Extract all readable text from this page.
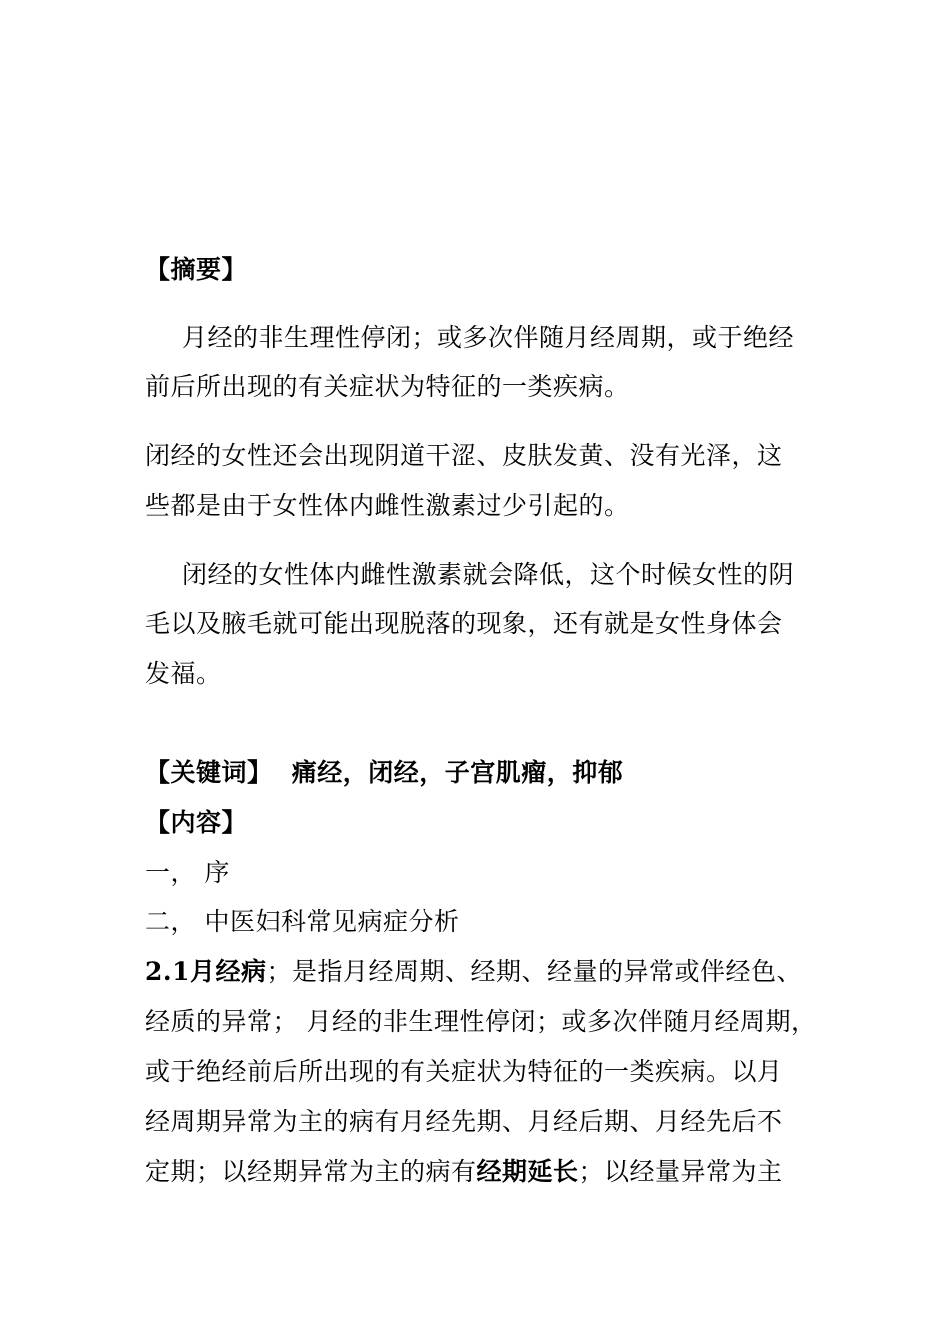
【摘要】
月经的非生理性停闭；或多次伴随月经周期，或于绝经
前后所出现的有关症状为特征的一类疾病。
闭经的女性还会出现阴道干涩、皮肤发黄、没有光泽，这
些都是由于女性体内雌性激素过少引起的。
闭经的女性体内雌性激素就会降低，这个时候女性的阴
毛以及腋毛就可能出现脱落的现象，还有就是女性身体会
发福。
【关键词】 痛经，闭经，子宫肌瘤，抑郁
【内容】
一， 序
二， 中医妇科常见病症分析
2.1月经病；是指月经周期、经期、经量的异常或伴经色、
经质的异常； 月经的非生理性停闭；或多次伴随月经周期，
或于绝经前后所出现的有关症状为特征的一类疾病。以月
经周期异常为主的病有月经先期、月经后期、月经先后不
定期；以经期异常为主的病有经期延长；以经量异常为主
